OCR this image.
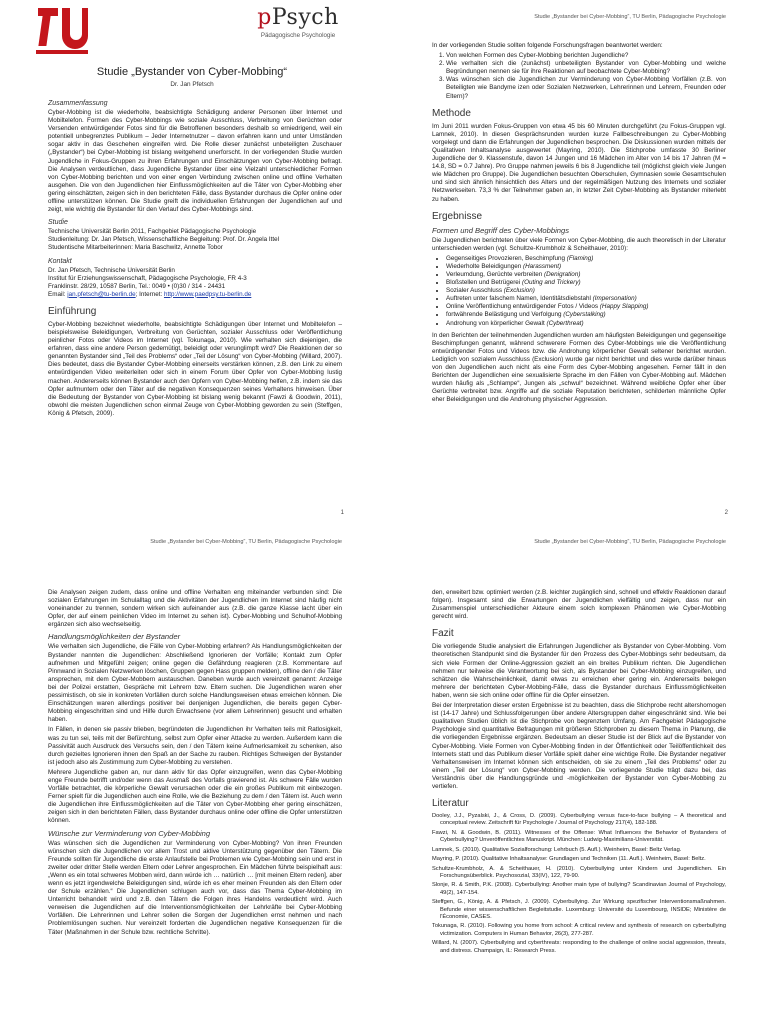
pPsych
Pädagogische Psychologie
Studie „Bystander von Cyber-Mobbing“
Dr. Jan Pfetsch
Zusammenfassung

Cyber-Mobbing ist die wiederholte, beabsichtigte Schädigung anderer Personen über Internet und Mobiltelefon. Formen des Cyber-Mobbings wie soziale Ausschluss, Verbreitung von Gerüchten oder Versenden entwürdigender Fotos sind für die Betroffenen besonders deshalb so erniedrigend, weil ein potentiell unbegrenztes Publikum – Jeder Internetnutzer – davon erfahren kann und unter Umständen sogar aktiv in das Geschehen eingreifen wird. Die Rolle dieser zunächst unbeteiligten Zuschauer („Bystander“) bei Cyber-Mobbing ist bislang weitgehend unerforscht. In der vorliegenden Studie wurden Jugendliche in Fokus-Gruppen zu ihren Erfahrungen und Einschätzungen von Cyber-Mobbing befragt. Die Analysen verdeutlichen, dass Jugendliche Bystander über eine Vielzahl unterschiedlicher Formen von Cyber-Mobbing berichten und von einer engen Verbindung zwischen online und offline Verhalten ausgehen. Die von den Jugendlichen hier Einflussmöglichkeiten auf die Täter von Cyber-Mobbing eher gering einschätzten, zeigen sich in den berichteten Fälle, dass Bystander durchaus die Opfer online oder offline unterstützen können. Die Studie greift die individuellen Erfahrungen der Jugendlichen auf und zeigt, wie wichtig die Bystander für den Verlauf des Cyber-Mobbings sind.

Studie

Technische Universität Berlin 2011, Fachgebiet Pädagogische Psychologie

Studienleitung: Dr. Jan Pfetsch, Wissenschaftliche Begleitung: Prof. Dr. Angela Ittel

Studentische Mitarbeiterinnen: Maria Baschwitz, Annette Tobor

Kontakt

Dr. Jan Pfetsch, Technische Universität Berlin

Institut für Erziehungswissenschaft, Pädagogische Psychologie, FR 4-3

Franklinstr. 28/29, 10587 Berlin, Tel.: 0049 • (0)30 / 314 - 24431

Email: jan.pfetsch@tu-berlin.de; Internet: http://www.paedpsy.tu-berlin.de

Einführung

Cyber-Mobbing bezeichnet wiederholte, beabsichtigte Schädigungen über Internet und Mobiltelefon – beispielsweise Beleidigungen, Verbreitung von Gerüchten, sozialer Ausschluss oder Veröffentlichung peinlicher Fotos oder Videos im Internet (vgl. Tokunaga, 2010). Wie verhalten sich diejenigen, die erfahren, dass eine andere Person gedemütigt, beleidigt oder verunglimpft wird? Die Reaktionen der so genannten Bystander sind „Teil des Problems“ oder „Teil der Lösung“ von Cyber-Mobbing (Willard, 2007). Dies bedeutet, dass die Bystander Cyber-Mobbing einerseits verstärken können, z.B. den Link zu einem entwürdigenden Video weiterleiten oder sich in einem Forum über Opfer von Cyber-Mobbing lustig machen. Andererseits können Bystander auch den Opfern von Cyber-Mobbing helfen, z.B. indem sie das Opfer aufmuntern oder den Täter auf die negativen Konsequenzen seines Verhaltens hinweisen. Über die Bedeutung der Bystander von Cyber-Mobbing ist bislang wenig bekannt (Fawzi & Goodwin, 2011), obwohl die meisten Jugendlichen schon einmal Zeuge von Cyber-Mobbing geworden zu sein (Steffgen, König & Pfetsch, 2009).

1
Studie „Bystander bei Cyber-Mobbing“, TU Berlin, Pädagogische Psychologie

In der vorliegenden Studie sollten folgende Forschungsfragen beantwortet werden:

1. Von welchen Formen des Cyber-Mobbing berichten Jugendliche?
2. Wie verhalten sich die (zunächst) unbeteiligten Bystander von Cyber-Mobbing und welche Begründungen nennen sie für ihre Reaktionen auf beobachtete Cyber-Mobbing?
3. Was wünschen sich die Jugendlichen zur Verminderung von Cyber-Mobbing Vorfällen (z.B. von Beteiligten wie Bandyme izen oder Sozialen Netzwerken, Lehrerinnen und Lehrern, Freunden oder Eltern)?
Methode

Im Juni 2011 wurden Fokus-Gruppen von etwa 45 bis 60 Minuten durchgeführt (zu Fokus-Gruppen vgl. Lamnek, 2010). In diesen Gesprächsrunden wurden kurze Fallbeschreibungen zu Cyber-Mobbing vorgelegt und dann die Erfahrungen der Jugendlichen besprochen. Die Diskussionen wurden mittels der Qualitativen Inhaltsanalyse ausgewertet (Mayring, 2010). Die Stichprobe umfasste 30 Berliner Jugendliche der 9. Klassenstufe, davon 14 Jungen und 16 Mädchen im Alter von 14 bis 17 Jahren (M = 14.8, SD = 0.7 Jahre). Pro Gruppe nahmen jeweils 6 bis 8 Jugendliche teil (möglichst gleich viele Jungen wie Mädchen pro Gruppe). Die Jugendlichen besuchten Oberschulen, Gymnasien sowie Gesamtschulen und sind sich ähnlich hinsichtlich des Alters und der regelmäßigen Nutzung des Internets und sozialer Netzwerkseiten. 73,3 % der Teilnehmer gaben an, in letzter Zeit Cyber-Mobbing als Bystander miterlebt zu haben.

Ergebnisse
Formen und Begriff des Cyber-Mobbings

Die Jugendlichen berichteten über viele Formen von Cyber-Mobbing, die auch theoretisch in der Literatur unterschieden werden (vgl. Schultze-Krumbholz & Scheithauer, 2010):

• Gegenseitiges Provozieren, Beschimpfung (Flaming)
• Wiederholte Beleidigungen (Harassment)
• Verleumdung, Gerüchte verbreiten (Denigration)
• Bloßstellen und Betrügerei (Outing and Trickery)
• Sozialer Ausschluss (Exclusion)
• Auftreten unter falschem Namen, Identitätsdiebstahl (Impersonation)
• Online Veröffentlichung entwürdigender Fotos / Videos (Happy Slapping)
• fortwährende Belästigung und Verfolgung (Cyberstalking)
• Androhung von körperlicher Gewalt (Cyberthreat)

In den Berichten der teilnehmenden Jugendlichen wurden am häufigsten Beleidigungen und gegenseitige Beschimpfungen genannt, während schwerere Formen des Cyber-Mobbings wie die Veröffentlichung entwürdigender Fotos und Videos bzw. die Androhung körperlicher Gewalt seltener berichtet wurden. Lediglich von sozialem Ausschluss (Exclusion) wurde gar nicht berichtet und dies wurde darüber hinaus von den Jugendlichen auch nicht als eine Form des Cyber-Mobbing angesehen. Ferner fällt in den Berichten der Jugendlichen eine sexualisierte Sprache im den Fällen von Cyber-Mobbing auf. Mädchen wurden häufig als „Schlampe“, Jungen als „schwul“ bezeichnet. Während weibliche Opfer eher über Gerüchte verbreitet bzw. Angriffe auf die soziale Reputation berichteten, schilderten männliche Opfer eher Beleidigungen und die Androhung physischer Aggression.

2
Studie „Bystander bei Cyber-Mobbing“, TU Berlin, Pädagogische Psychologie

Die Analysen zeigen zudem, dass online und offline Verhalten eng miteinander verbunden sind: Die sozialen Erfahrungen im Schulalltag und die Aktivitäten der Jugendlichen im Internet sind häufig nicht voneinander zu trennen, sondern wirken sich aufeinander aus (z.B. die ganze Klasse lacht über ein Opfer, der auf einem peinlichen Video im Internet zu sehen ist). Cyber-Mobbing und Schulhof-Mobbing ergänzen sich also wechselseitig.

Handlungsmöglichkeiten der Bystander

Wie verhalten sich Jugendliche, die Fälle von Cyber-Mobbing erfahren? Als Handlungsmöglichkeiten der Bystander nannten die Jugendlichen: Abschließend Ignorieren der Vorfälle; Kontakt zum Opfer aufnehmen und Mitgefühl zeigen; online gegen die Gefährdung reagieren (z.B. Kommentare auf Pinnwand in Sozialen Netzwerken löschen, Gruppen gegen Hass gruppen melden), offline den / die Täter ansprechen, mit dem Cyber-Mobbern austauschen. Daneben wurde auch vereinzelt genannt: Anzeige bei der Polizei erstatten, Gespräche mit Lehrern bzw. Eltern suchen. Die Jugendlichen waren eher pessimistisch, ob sie in konkreten Vorfällen durch solche Handlungsweisen etwas erreichen können. Die Einschätzungen waren allerdings positiver bei denjenigen Jugendlichen, die bereits gegen Cyber-Mobbing eingeschritten sind und Hilfe durch Erwachsene (vor allem Lehrerinnen) gesucht und erhalten haben.

In Fällen, in denen sie passiv blieben, begründeten die Jugendlichen ihr Verhalten teils mit Ratlosigkeit, was zu tun sei, teils mit der Befürchtung, selbst zum Opfer einer Attacke zu werden. Außerdem kann die Passivität auch Ausdruck des Versuchs sein, den / den Tätern keine Aufmerksamkeit zu schenken, also durch gezieltes Ignorieren ihnen den Spaß an der Sache zu rauben. Richtiges Schweigen der Bystander ist jedoch also als Zustimmung zum Cyber-Mobbing zu verstehen.

Mehrere Jugendliche gaben an, nur dann aktiv für das Opfer einzugreifen, wenn das Cyber-Mobbing enge Freunde betrifft und/oder wenn das Ausmaß des Vorfalls gravierend ist. Als schwere Fälle wurden Vorfälle betrachtet, die körperliche Gewalt verursachen oder die ein großes Publikum mit einbezogen. Ferner spielt für die Jugendlichen auch eine Rolle, wie die Beziehung zu dem / den Tätern ist. Auch wenn die Jugendlichen ihre Einflussmöglichkeiten auf die Täter von Cyber-Mobbing eher gering einschätzen, zeigen sich in den berichteten Fällen, dass Bystander durchaus online oder offline die Opfer unterstützen können.

Wünsche zur Verminderung von Cyber-Mobbing

Was wünschen sich die Jugendlichen zur Verminderung von Cyber-Mobbing? Von ihren Freunden wünschen sich die Jugendlichen vor allem Trost und aktive Unterstützung gegenüber den Tätern. Die Freunde sollten für Jugendliche die erste Anlaufstelle bei Problemen wie Cyber-Mobbing sein und erst in zweiter oder dritter Stelle werden Eltern oder Lehrer angesprochen. Ein Mädchen führte beispielhaft aus: „Wenn es ein total schweres Mobben wird, dann würde ich … natürlich … [mit meinen Eltern reden], aber wenn es jetzt irgendwelche Beleidigungen sind, würde ich es eher meinen Freunden als den Eltern oder der Schule erzählen.“ Die Jugendlichen schlugen auch vor, dass das Thema Cyber-Mobbing im Unterricht behandelt wird und z.B. den Tätern die Folgen ihres Handelns verdeutlicht wird. Auch verweisen die Jugendlichen auf die Interventionsmöglichkeiten der Lehrkräfte bei Cyber-Mobbing Vorfällen. Die Lehrerinnen und Lehrer sollen die Sorgen der Jugendlichen ernst nehmen und nach Problemlösungen suchen. Nur vereinzelt forderten die Jugendlichen negative Konsequenzen für die Täter (Maßnahmen in der Schule bzw. rechtliche Schritte).

Studie „Bystander bei Cyber-Mobbing“, TU Berlin, Pädagogische Psychologie

den, erweitert bzw. optimiert werden (z.B. leichter zugänglich sind, schnell und effektiv Reaktionen darauf folgen). Insgesamt sind die Erwartungen der Jugendlichen vielfältig und zeigen, dass nur ein Zusammenspiel unterschiedlicher Akteure einem solch komplexen Phänomen wie Cyber-Mobbing gerecht wird.

Fazit

Die vorliegende Studie analysiert die Erfahrungen Jugendlicher als Bystander von Cyber-Mobbing. Vom theoretischen Standpunkt sind die Bystander für den Prozess des Cyber-Mobbings sehr bedeutsam, da sich viele Formen der Online-Aggression gezielt an ein breites Publikum richten. Die Jugendlichen nehmen nur teilweise die Verantwortung bei sich, als Bystander bei Cyber-Mobbing einzugreifen, und schätzen die Wahrscheinlichkeit, damit etwas zu erreichen eher gering ein. Andererseits belegen mehrere der berichteten Cyber-Mobbing-Fälle, dass die Bystander durchaus Einflussmöglichkeiten haben, wenn sie sich online oder offline für die Opfer einsetzen.

Bei der Interpretation dieser ersten Ergebnisse ist zu beachten, dass die Stichprobe recht altershomogen ist (14-17 Jahre) und Schlussfolgerungen über andere Altersgruppen daher eingeschränkt sind. Wie bei qualitativen Studien üblich ist die Stichprobe von begrenztem Umfang. Am Fachgebiet Pädagogische Psychologie sind quantitative Befragungen mit größeren Stichproben zu diesem Thema in Planung, die die vorliegenden Ergebnisse ergänzen. Bedeutsam an dieser Studie ist der Blick auf die Bystander von Cyber-Mobbing. Viele Formen von Cyber-Mobbing finden in der Öffentlichkeit oder Teilöffentlichkeit des Internets statt und das Publikum dieser Vorfälle spielt daher eine wichtige Rolle. Die Bystander negativer Verhaltensweisen im Internet können sich entscheiden, ob sie zu einem „Teil des Problems“ oder zu einem „Teil der Lösung“ von Cyber-Mobbing werden. Die vorliegende Studie trägt dazu bei, das Verständnis über die Handlungsgründe und -möglichkeiten der Bystander von Cyber-Mobbing zu vertiefen.

Literatur

Dooley, J.J., Pyzalski, J., & Cross, D. (2009). Cyberbullying versus face-to-face bullying – A theoretical and conceptual review. Zeitschrift für Psychologie / Journal of Psychology 217(4), 182-188.

Fawzi, N. & Goodwin, B. (2011). Witnesses of the Offense: What Influences the Behavior of Bystanders of Cyberbullying? Unveröffentlichtes Manuskript. München: Ludwig-Maximilians-Universität.

Lamnek, S. (2010). Qualitative Sozialforschung: Lehrbuch (5. Aufl.). Weinheim, Basel: Beltz Verlag.

Mayring, P. (2010). Qualitative Inhaltsanalyse: Grundlagen und Techniken (11. Aufl.). Weinheim, Basel: Beltz.

Schultze-Krumbholz, A. & Scheithauer, H. (2010). Cyberbullying unter Kindern und Jugendlichen. Ein Forschungsüberblick. Psychosozial, 33(IV), 122, 79-90.

Slonje, R. & Smith, P.K. (2008). Cyberbullying: Another main type of bullying? Scandinavian Journal of Psychology, 49(2), 147-154.

Steffgen, G., König, A. & Pfetsch, J. (2009). Cyberbullying. Zur Wirkung spezifischer Interventionsmaßnahmen. Befunde einer wissenschaftlichen Begleitstudie. Luxemburg: Université du Luxembourg, INSIDE; Ministère de l'Économie, CASES.

Tokunaga, R. (2010). Following you home from school: A critical review and synthesis of research on cyberbullying victimization. Computers in Human Behavior, 26(3), 277-287.

Willard, N. (2007). Cyberbullying and cyberthreats: responding to the challenge of online social aggression, threats, and distress. Champaign, IL: Research Press.
